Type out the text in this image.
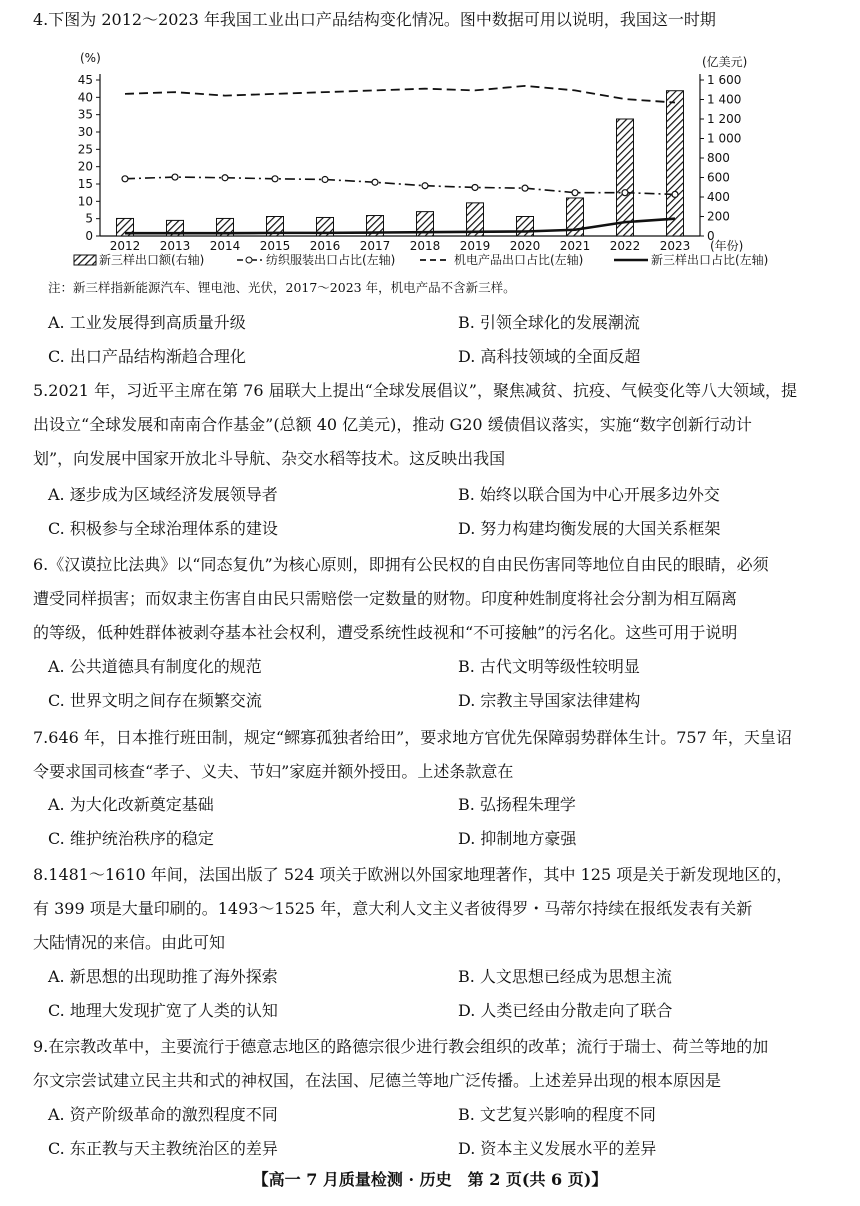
4.下图为 2012～2023 年我国工业出口产品结构变化情况。图中数据可用以说明，我国这一时期
(%)	(亿美元)
0
5
10
15
20
25
30
35
40
45
0
200
400
600
800
1 000
1 200
1 400
1 600
2012 2013 2014 2015 2016 2017 2018 2019 2020 2021 2022 2023 (年份)
新三样出口额(右轴)	纺织服装出口占比(左轴)	机电产品出口占比(左轴)	新三样出口占比(左轴)
注：新三样指新能源汽车、锂电池、光伏，2017～2023 年，机电产品不含新三样。
A. 工业发展得到高质量升级	B. 引领全球化的发展潮流
C. 出口产品结构渐趋合理化	D. 高科技领域的全面反超
5.2021 年，习近平主席在第 76 届联大上提出“全球发展倡议”，聚焦减贫、抗疫、气候变化等八大领域，提
出设立“全球发展和南南合作基金”(总额 40 亿美元)，推动 G20 缓债倡议落实，实施“数字创新行动计
划”，向发展中国家开放北斗导航、杂交水稻等技术。这反映出我国
A. 逐步成为区域经济发展领导者	B. 始终以联合国为中心开展多边外交
C. 积极参与全球治理体系的建设	D. 努力构建均衡发展的大国关系框架
6.《汉谟拉比法典》以“同态复仇”为核心原则，即拥有公民权的自由民伤害同等地位自由民的眼睛，必须
遭受同样损害；而奴隶主伤害自由民只需赔偿一定数量的财物。印度种姓制度将社会分割为相互隔离
的等级，低种姓群体被剥夺基本社会权利，遭受系统性歧视和“不可接触”的污名化。这些可用于说明
A. 公共道德具有制度化的规范	B. 古代文明等级性较明显
C. 世界文明之间存在频繁交流	D. 宗教主导国家法律建构
7.646 年，日本推行班田制，规定“鳏寡孤独者给田”，要求地方官优先保障弱势群体生计。757 年，天皇诏
令要求国司核查“孝子、义夫、节妇”家庭并额外授田。上述条款意在
A. 为大化改新奠定基础	B. 弘扬程朱理学
C. 维护统治秩序的稳定	D. 抑制地方豪强
8.1481～1610 年间，法国出版了 524 项关于欧洲以外国家地理著作，其中 125 项是关于新发现地区的，
有 399 项是大量印刷的。1493～1525 年，意大利人文主义者彼得罗・马蒂尔持续在报纸发表有关新
大陆情况的来信。由此可知
A. 新思想的出现助推了海外探索	B. 人文思想已经成为思想主流
C. 地理大发现扩宽了人类的认知	D. 人类已经由分散走向了联合
9.在宗教改革中，主要流行于德意志地区的路德宗很少进行教会组织的改革；流行于瑞士、荷兰等地的加
尔文宗尝试建立民主共和式的神权国，在法国、尼德兰等地广泛传播。上述差异出现的根本原因是
A. 资产阶级革命的激烈程度不同	B. 文艺复兴影响的程度不同
C. 东正教与天主教统治区的差异	D. 资本主义发展水平的差异
【高一 7 月质量检测 · 历史　第 2 页(共 6 页)】
